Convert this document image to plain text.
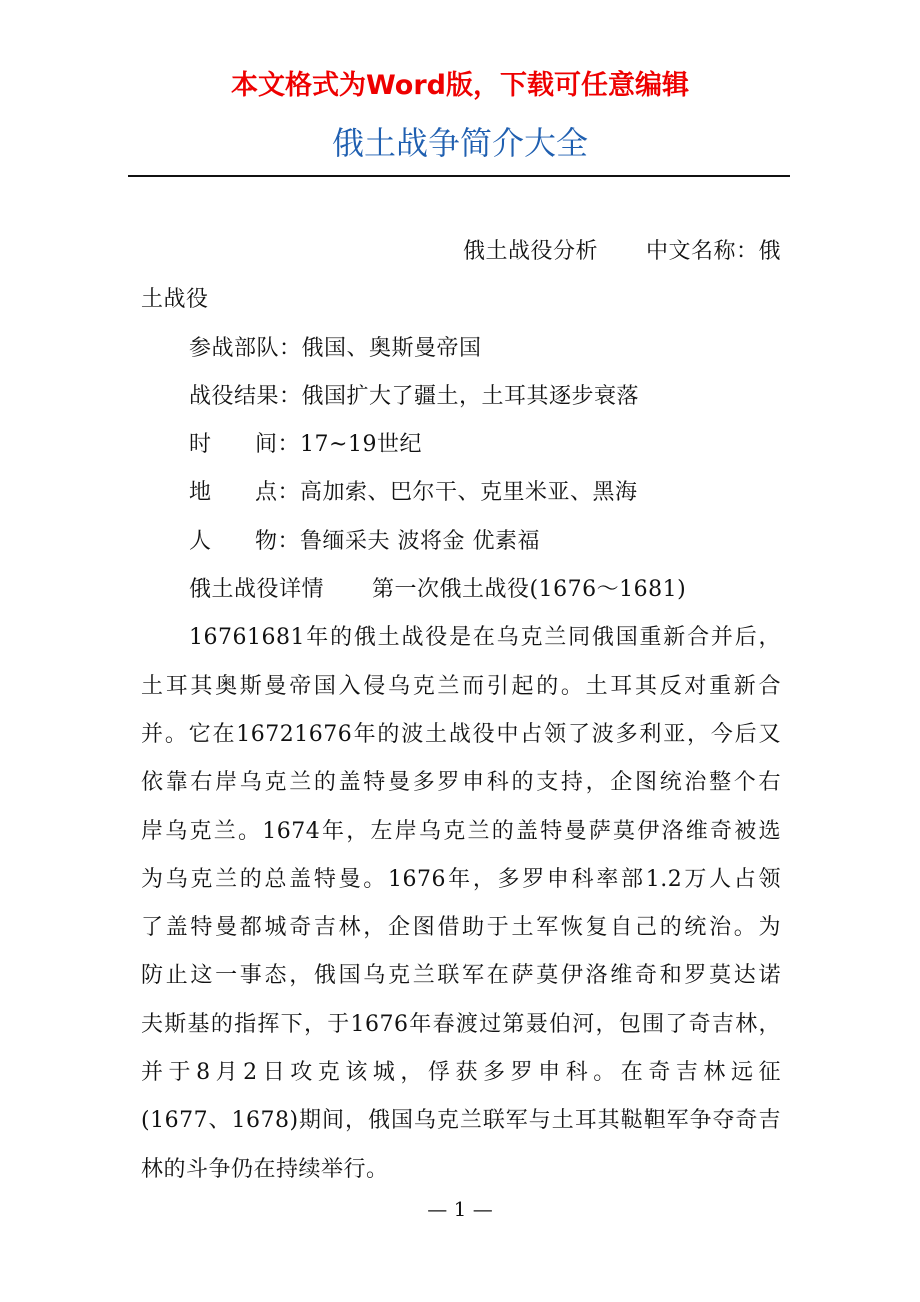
本文格式为Word版，下载可任意编辑
俄土战争简介大全
俄土战役分析 中文名称：俄
土战役
参战部队：俄国、奥斯曼帝国
战役结果：俄国扩大了疆土，土耳其逐步衰落
时 间：17~19世纪
地 点：高加索、巴尔干、克里米亚、黑海
人 物：鲁缅采夫 波将金 优素福
俄土战役详情 第一次俄土战役(1676～1681)
16761681年的俄土战役是在乌克兰同俄国重新合并后，
土耳其奥斯曼帝国入侵乌克兰而引起的。土耳其反对重新合
并。它在16721676年的波土战役中占领了波多利亚，今后又
依靠右岸乌克兰的盖特曼多罗申科的支持，企图统治整个右
岸乌克兰。1674年，左岸乌克兰的盖特曼萨莫伊洛维奇被选
为乌克兰的总盖特曼。1676年，多罗申科率部1.2万人占领
了盖特曼都城奇吉林，企图借助于土军恢复自己的统治。为
防止这一事态，俄国乌克兰联军在萨莫伊洛维奇和罗莫达诺
夫斯基的指挥下，于1676年春渡过第聂伯河，包围了奇吉林，
并于8月2日攻克该城，俘获多罗申科。在奇吉林远征
(1677、1678)期间，俄国乌克兰联军与土耳其鞑靼军争夺奇吉
林的斗争仍在持续举行。
— 1 —
